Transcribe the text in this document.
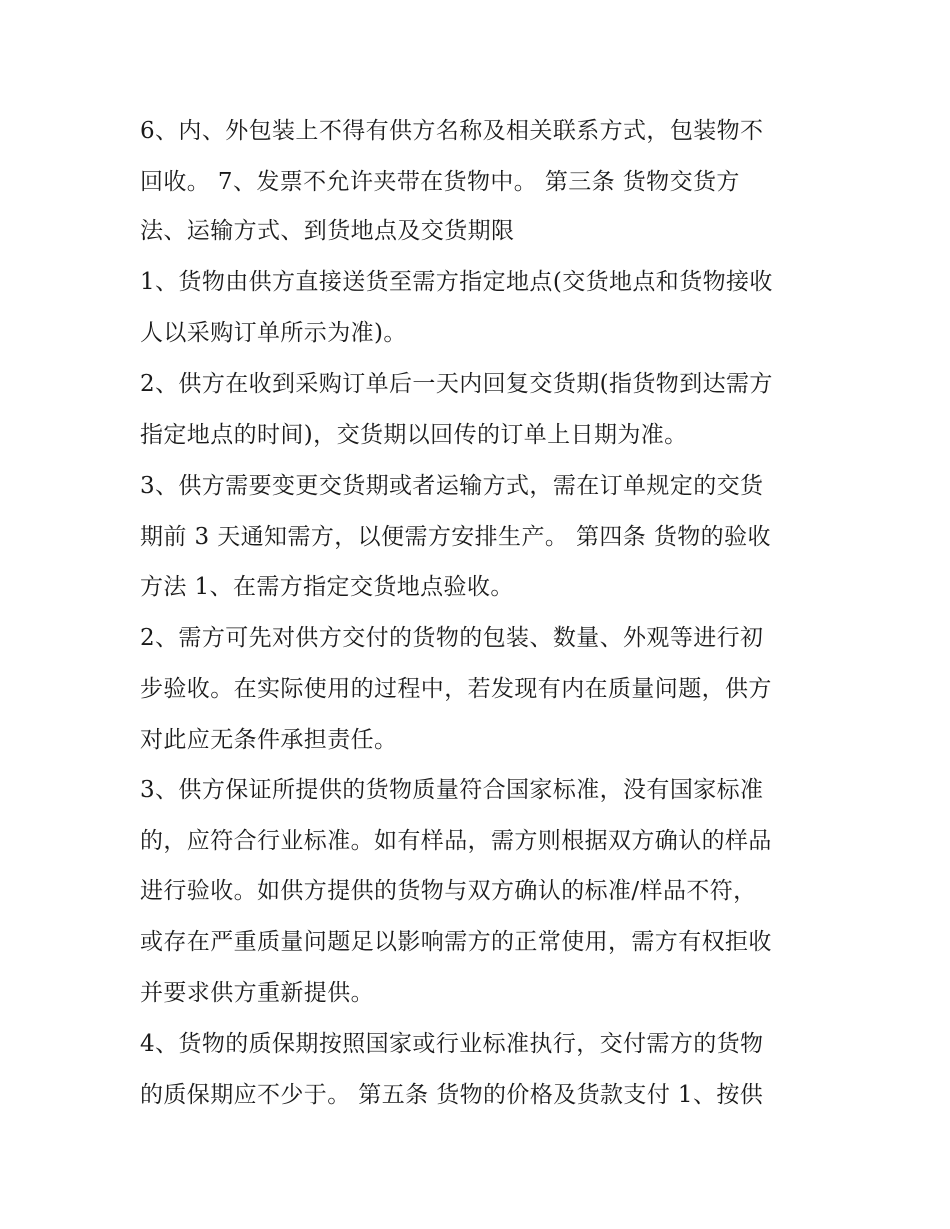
6、内、外包装上不得有供方名称及相关联系方式，包装物不

回收。 7、发票不允许夹带在货物中。 第三条 货物交货方

法、运输方式、到货地点及交货期限

1、货物由供方直接送货至需方指定地点(交货地点和货物接收

人以采购订单所示为准)。

2、供方在收到采购订单后一天内回复交货期(指货物到达需方

指定地点的时间)，交货期以回传的订单上日期为准。

3、供方需要变更交货期或者运输方式，需在订单规定的交货

期前 3 天通知需方，以便需方安排生产。 第四条 货物的验收

方法 1、在需方指定交货地点验收。

2、需方可先对供方交付的货物的包装、数量、外观等进行初

步验收。在实际使用的过程中，若发现有内在质量问题，供方

对此应无条件承担责任。

3、供方保证所提供的货物质量符合国家标准，没有国家标准

的，应符合行业标准。如有样品，需方则根据双方确认的样品

进行验收。如供方提供的货物与双方确认的标准/样品不符，

或存在严重质量问题足以影响需方的正常使用，需方有权拒收

并要求供方重新提供。

4、货物的质保期按照国家或行业标准执行，交付需方的货物

的质保期应不少于。 第五条 货物的价格及货款支付 1、按供
